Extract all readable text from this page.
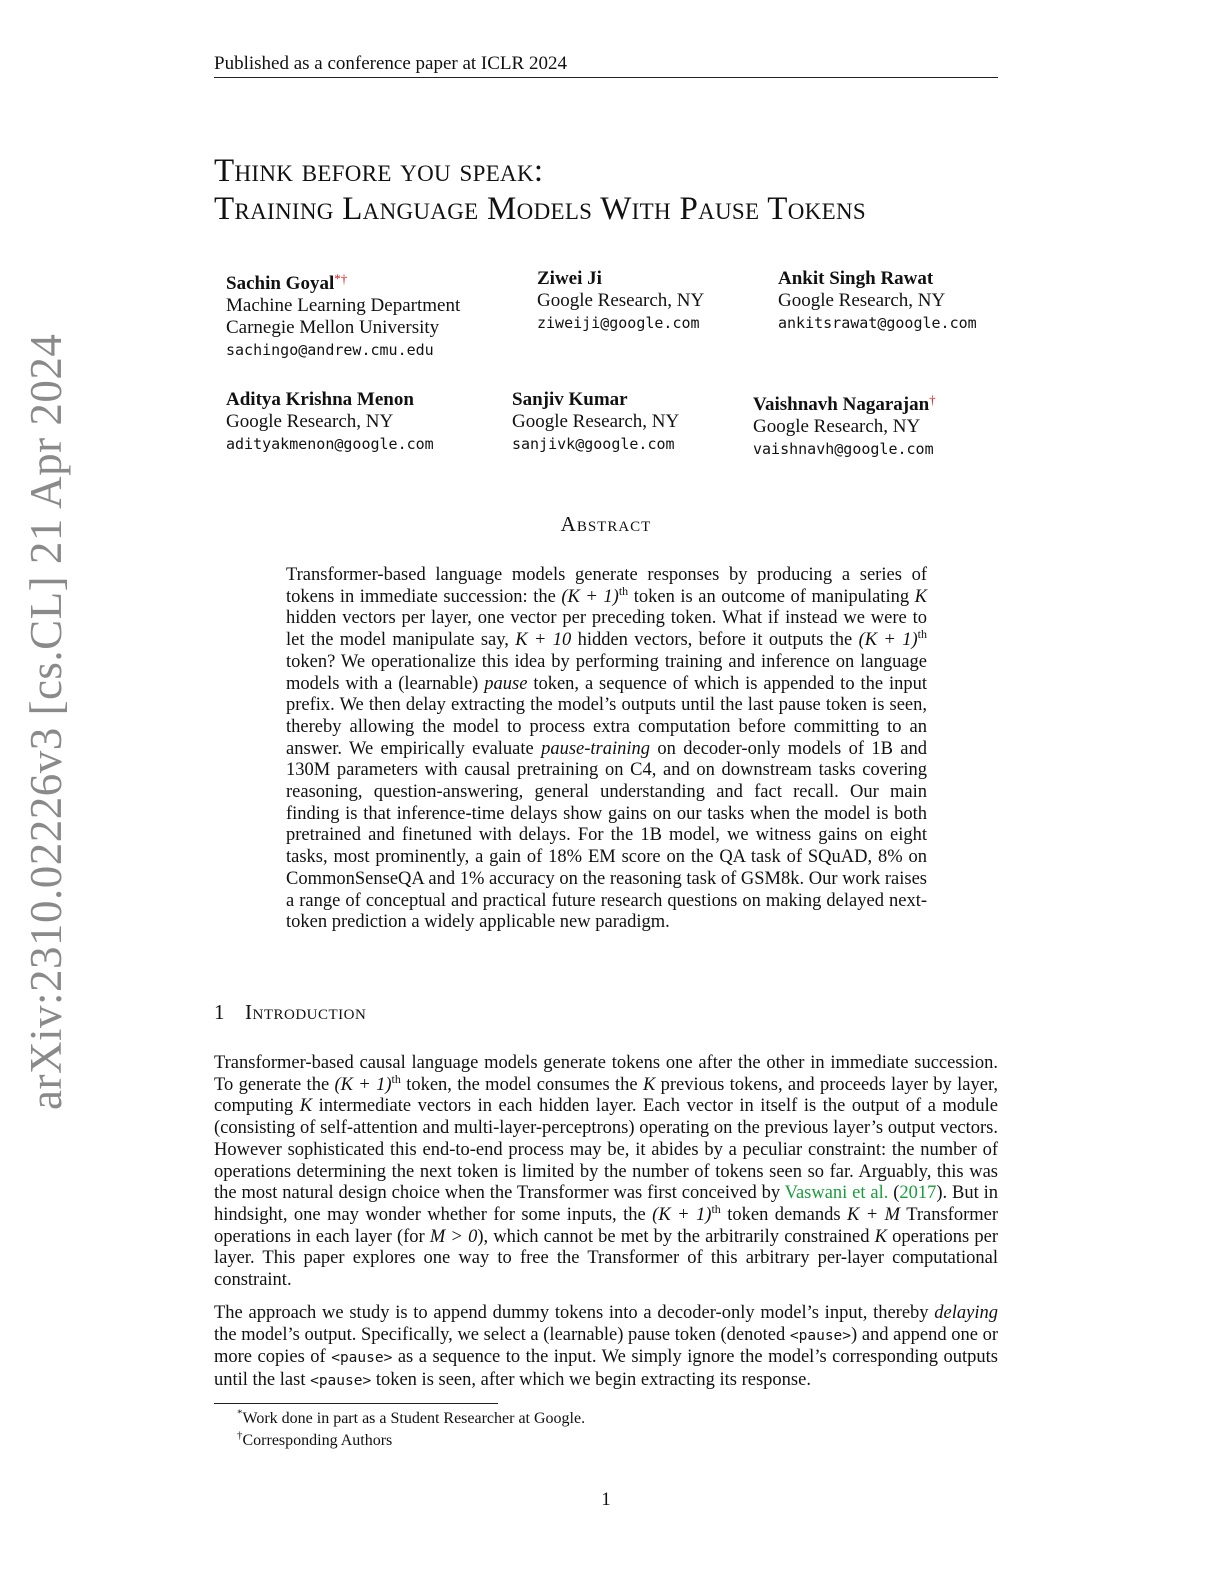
Published as a conference paper at ICLR 2024
arXiv:2310.02226v3 [cs.CL] 21 Apr 2024
Think before you speak:
Training Language Models With Pause Tokens
Sachin Goyal*†
Machine Learning Department
Carnegie Mellon University
sachingo@andrew.cmu.edu
Ziwei Ji
Google Research, NY
ziweiji@google.com
Ankit Singh Rawat
Google Research, NY
ankitsrawat@google.com
Aditya Krishna Menon
Google Research, NY
adityakmenon@google.com
Sanjiv Kumar
Google Research, NY
sanjivk@google.com
Vaishnavh Nagarajan†
Google Research, NY
vaishnavh@google.com
Abstract
Transformer-based language models generate responses by producing a series of tokens in immediate succession: the $(K + 1)^{th}$ token is an outcome of manipulating K hidden vectors per layer, one vector per preceding token. What if instead we were to let the model manipulate say, K + 10 hidden vectors, before it outputs the $(K + 1)^{th}$ token? We operationalize this idea by performing training and inference on language models with a (learnable) pause token, a sequence of which is appended to the input prefix. We then delay extracting the model’s outputs until the last pause token is seen, thereby allowing the model to process extra computation before committing to an answer. We empirically evaluate pause-training on decoder-only models of 1B and 130M parameters with causal pretraining on C4, and on downstream tasks covering reasoning, question-answering, general understanding and fact recall. Our main finding is that inference-time delays show gains on our tasks when the model is both pretrained and finetuned with delays. For the 1B model, we witness gains on eight tasks, most prominently, a gain of 18% EM score on the QA task of SQuAD, 8% on CommonSenseQA and 1% accuracy on the reasoning task of GSM8k. Our work raises a range of conceptual and practical future research questions on making delayed next-token prediction a widely applicable new paradigm.
1 Introduction
Transformer-based causal language models generate tokens one after the other in immediate succession. To generate the $(K + 1)^{th}$ token, the model consumes the K previous tokens, and proceeds layer by layer, computing K intermediate vectors in each hidden layer. Each vector in itself is the output of a module (consisting of self-attention and multi-layer-perceptrons) operating on the previous layer’s output vectors. However sophisticated this end-to-end process may be, it abides by a peculiar constraint: the number of operations determining the next token is limited by the number of tokens seen so far. Arguably, this was the most natural design choice when the Transformer was first conceived by Vaswani et al. (2017). But in hindsight, one may wonder whether for some inputs, the $(K + 1)^{th}$ token demands K + M Transformer operations in each layer (for M > 0), which cannot be met by the arbitrarily constrained K operations per layer. This paper explores one way to free the Transformer of this arbitrary per-layer computational constraint.
The approach we study is to append dummy tokens into a decoder-only model’s input, thereby delaying the model’s output. Specifically, we select a (learnable) pause token (denoted <pause>) and append one or more copies of <pause> as a sequence to the input. We simply ignore the model’s corresponding outputs until the last <pause> token is seen, after which we begin extracting its response.
*Work done in part as a Student Researcher at Google.
†Corresponding Authors
1
